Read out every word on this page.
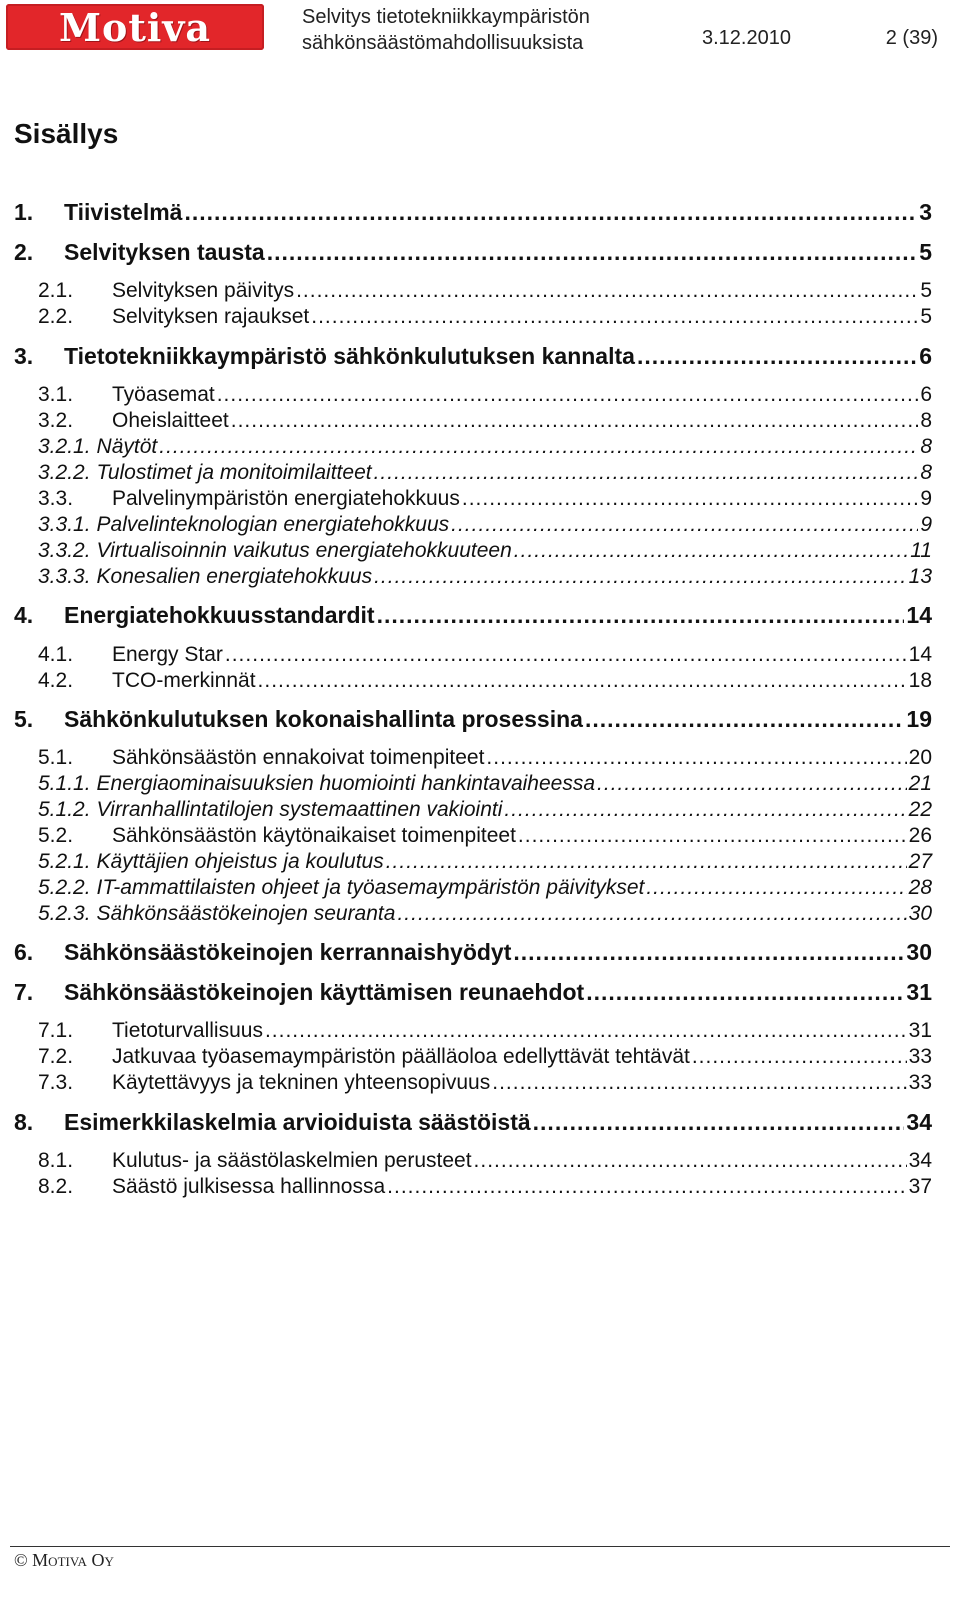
Motiva	Selvitys tietotekniikkaympäristön
sähkönsäästömahdollisuuksista	3.12.2010	2 (39)
Sisällys
1.	Tiivistelmä .....	3
2.	Selvityksen tausta .....	5
2.1.	Selvityksen päivitys .....	5
2.2.	Selvityksen rajaukset .....	5
3.	Tietotekniikkaympäristö sähkönkulutuksen kannalta .....	6
3.1.	Työasemat .....	6
3.2.	Oheislaitteet .....	8
3.2.1. Näytöt .....	8
3.2.2. Tulostimet ja monitoimilaitteet .....	8
3.3.	Palvelinympäristön energiatehokkuus .....	9
3.3.1. Palvelinteknologian energiatehokkuus .....	9
3.3.2. Virtualisoinnin vaikutus energiatehokkuuteen .....	11
3.3.3. Konesalien energiatehokkuus .....	13
4.	Energiatehokkuusstandardit .....	14
4.1.	Energy Star .....	14
4.2.	TCO-merkinnät .....	18
5.	Sähkönkulutuksen kokonaishallinta prosessina .....	19
5.1.	Sähkönsäästön ennakoivat toimenpiteet .....	20
5.1.1. Energiaominaisuuksien huomiointi hankintavaiheessa .....	21
5.1.2. Virranhallintatilojen systemaattinen vakiointi .....	22
5.2.	Sähkönsäästön käytönaikaiset toimenpiteet .....	26
5.2.1. Käyttäjien ohjeistus ja koulutus .....	27
5.2.2. IT-ammattilaisten ohjeet ja työasemaympäristön päivitykset .....	28
5.2.3. Sähkönsäästökeinojen seuranta .....	30
6.	Sähkönsäästökeinojen kerrannaishyödyt .....	30
7.	Sähkönsäästökeinojen käyttämisen reunaehdot .....	31
7.1.	Tietoturvallisuus .....	31
7.2.	Jatkuvaa työasemaympäristön päälläoloa edellyttävät tehtävät .....	33
7.3.	Käytettävyys ja tekninen yhteensopivuus .....	33
8.	Esimerkkilaskelmia arvioiduista säästöistä .....	34
8.1.	Kulutus- ja säästölaskelmien perusteet .....	34
8.2.	Säästö julkisessa hallinnossa .....	37
© Motiva Oy
